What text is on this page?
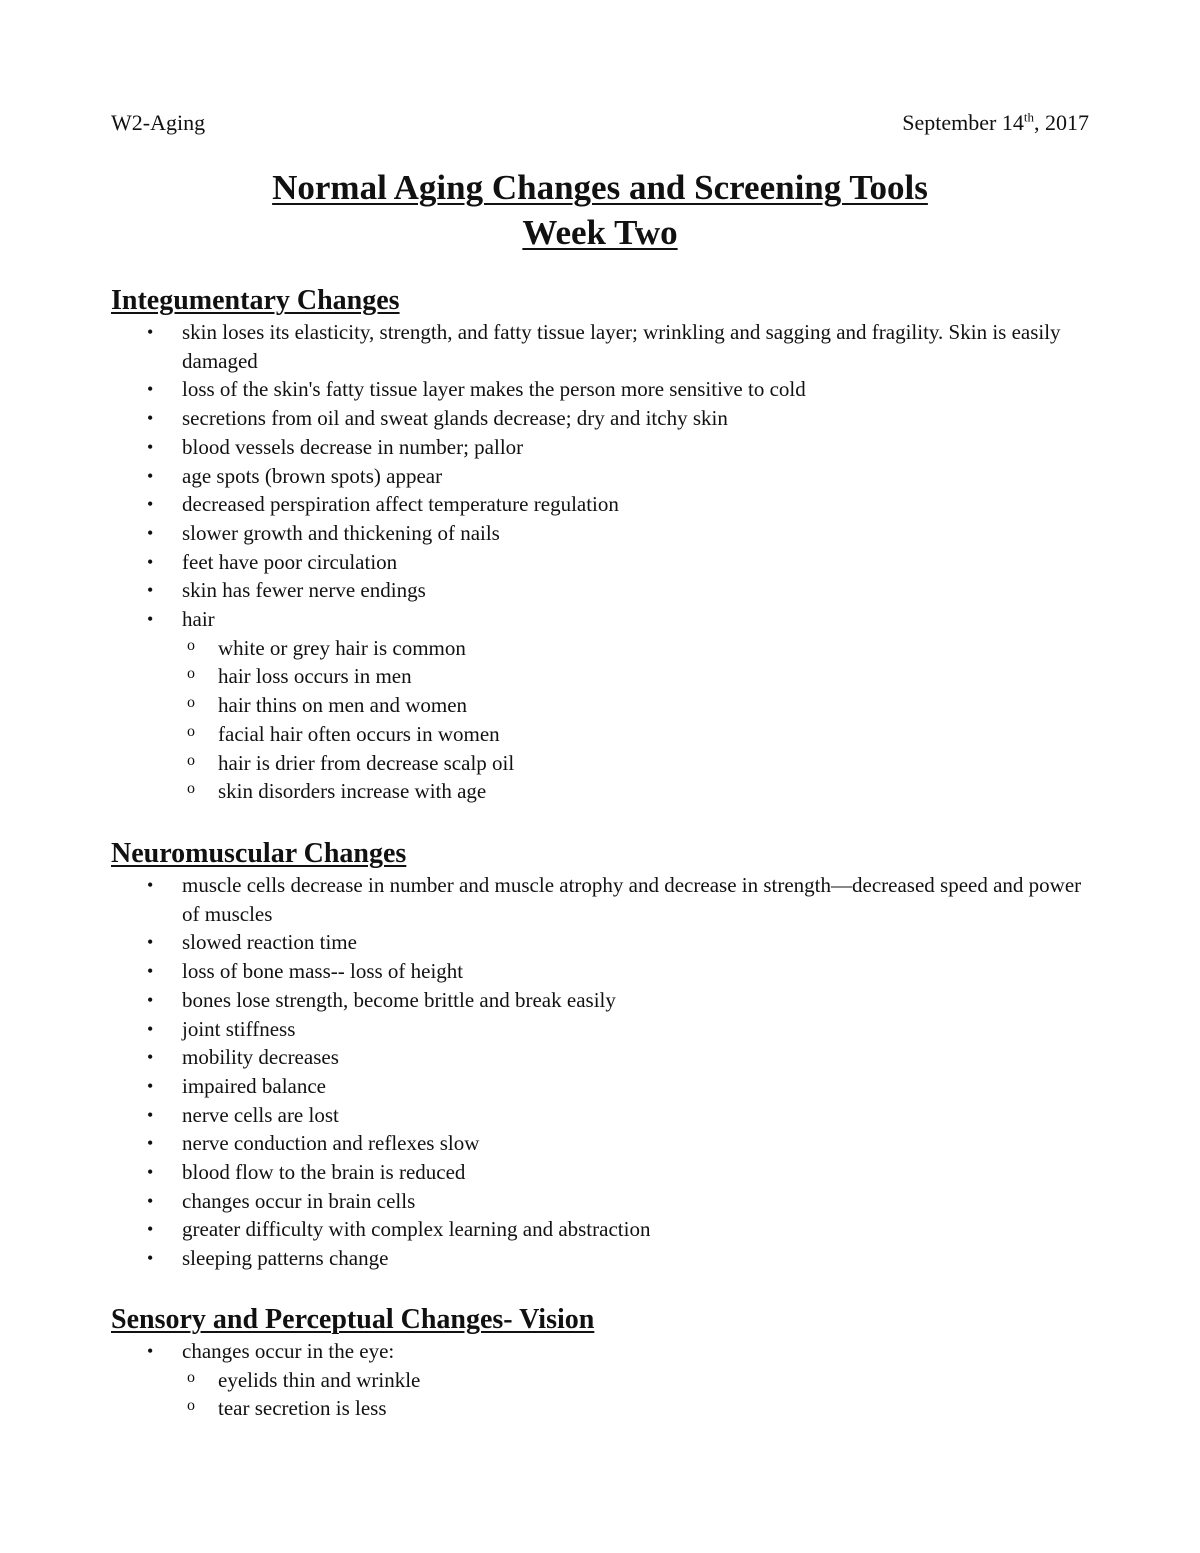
W2-Aging	September 14th, 2017
Normal Aging Changes and Screening Tools
Week Two
Integumentary Changes
• skin loses its elasticity, strength, and fatty tissue layer; wrinkling and sagging and fragility. Skin is easily damaged
• loss of the skin's fatty tissue layer makes the person more sensitive to cold
• secretions from oil and sweat glands decrease; dry and itchy skin
• blood vessels decrease in number; pallor
• age spots (brown spots) appear
• decreased perspiration affect temperature regulation
• slower growth and thickening of nails
• feet have poor circulation
• skin has fewer nerve endings
• hair
o white or grey hair is common
o hair loss occurs in men
o hair thins on men and women
o facial hair often occurs in women
o hair is drier from decrease scalp oil
o skin disorders increase with age
Neuromuscular Changes
• muscle cells decrease in number and muscle atrophy and decrease in strength—decreased speed and power of muscles
• slowed reaction time
• loss of bone mass-- loss of height
• bones lose strength, become brittle and break easily
• joint stiffness
• mobility decreases
• impaired balance
• nerve cells are lost
• nerve conduction and reflexes slow
• blood flow to the brain is reduced
• changes occur in brain cells
• greater difficulty with complex learning and abstraction
• sleeping patterns change
Sensory and Perceptual Changes- Vision
• changes occur in the eye:
o eyelids thin and wrinkle
o tear secretion is less
